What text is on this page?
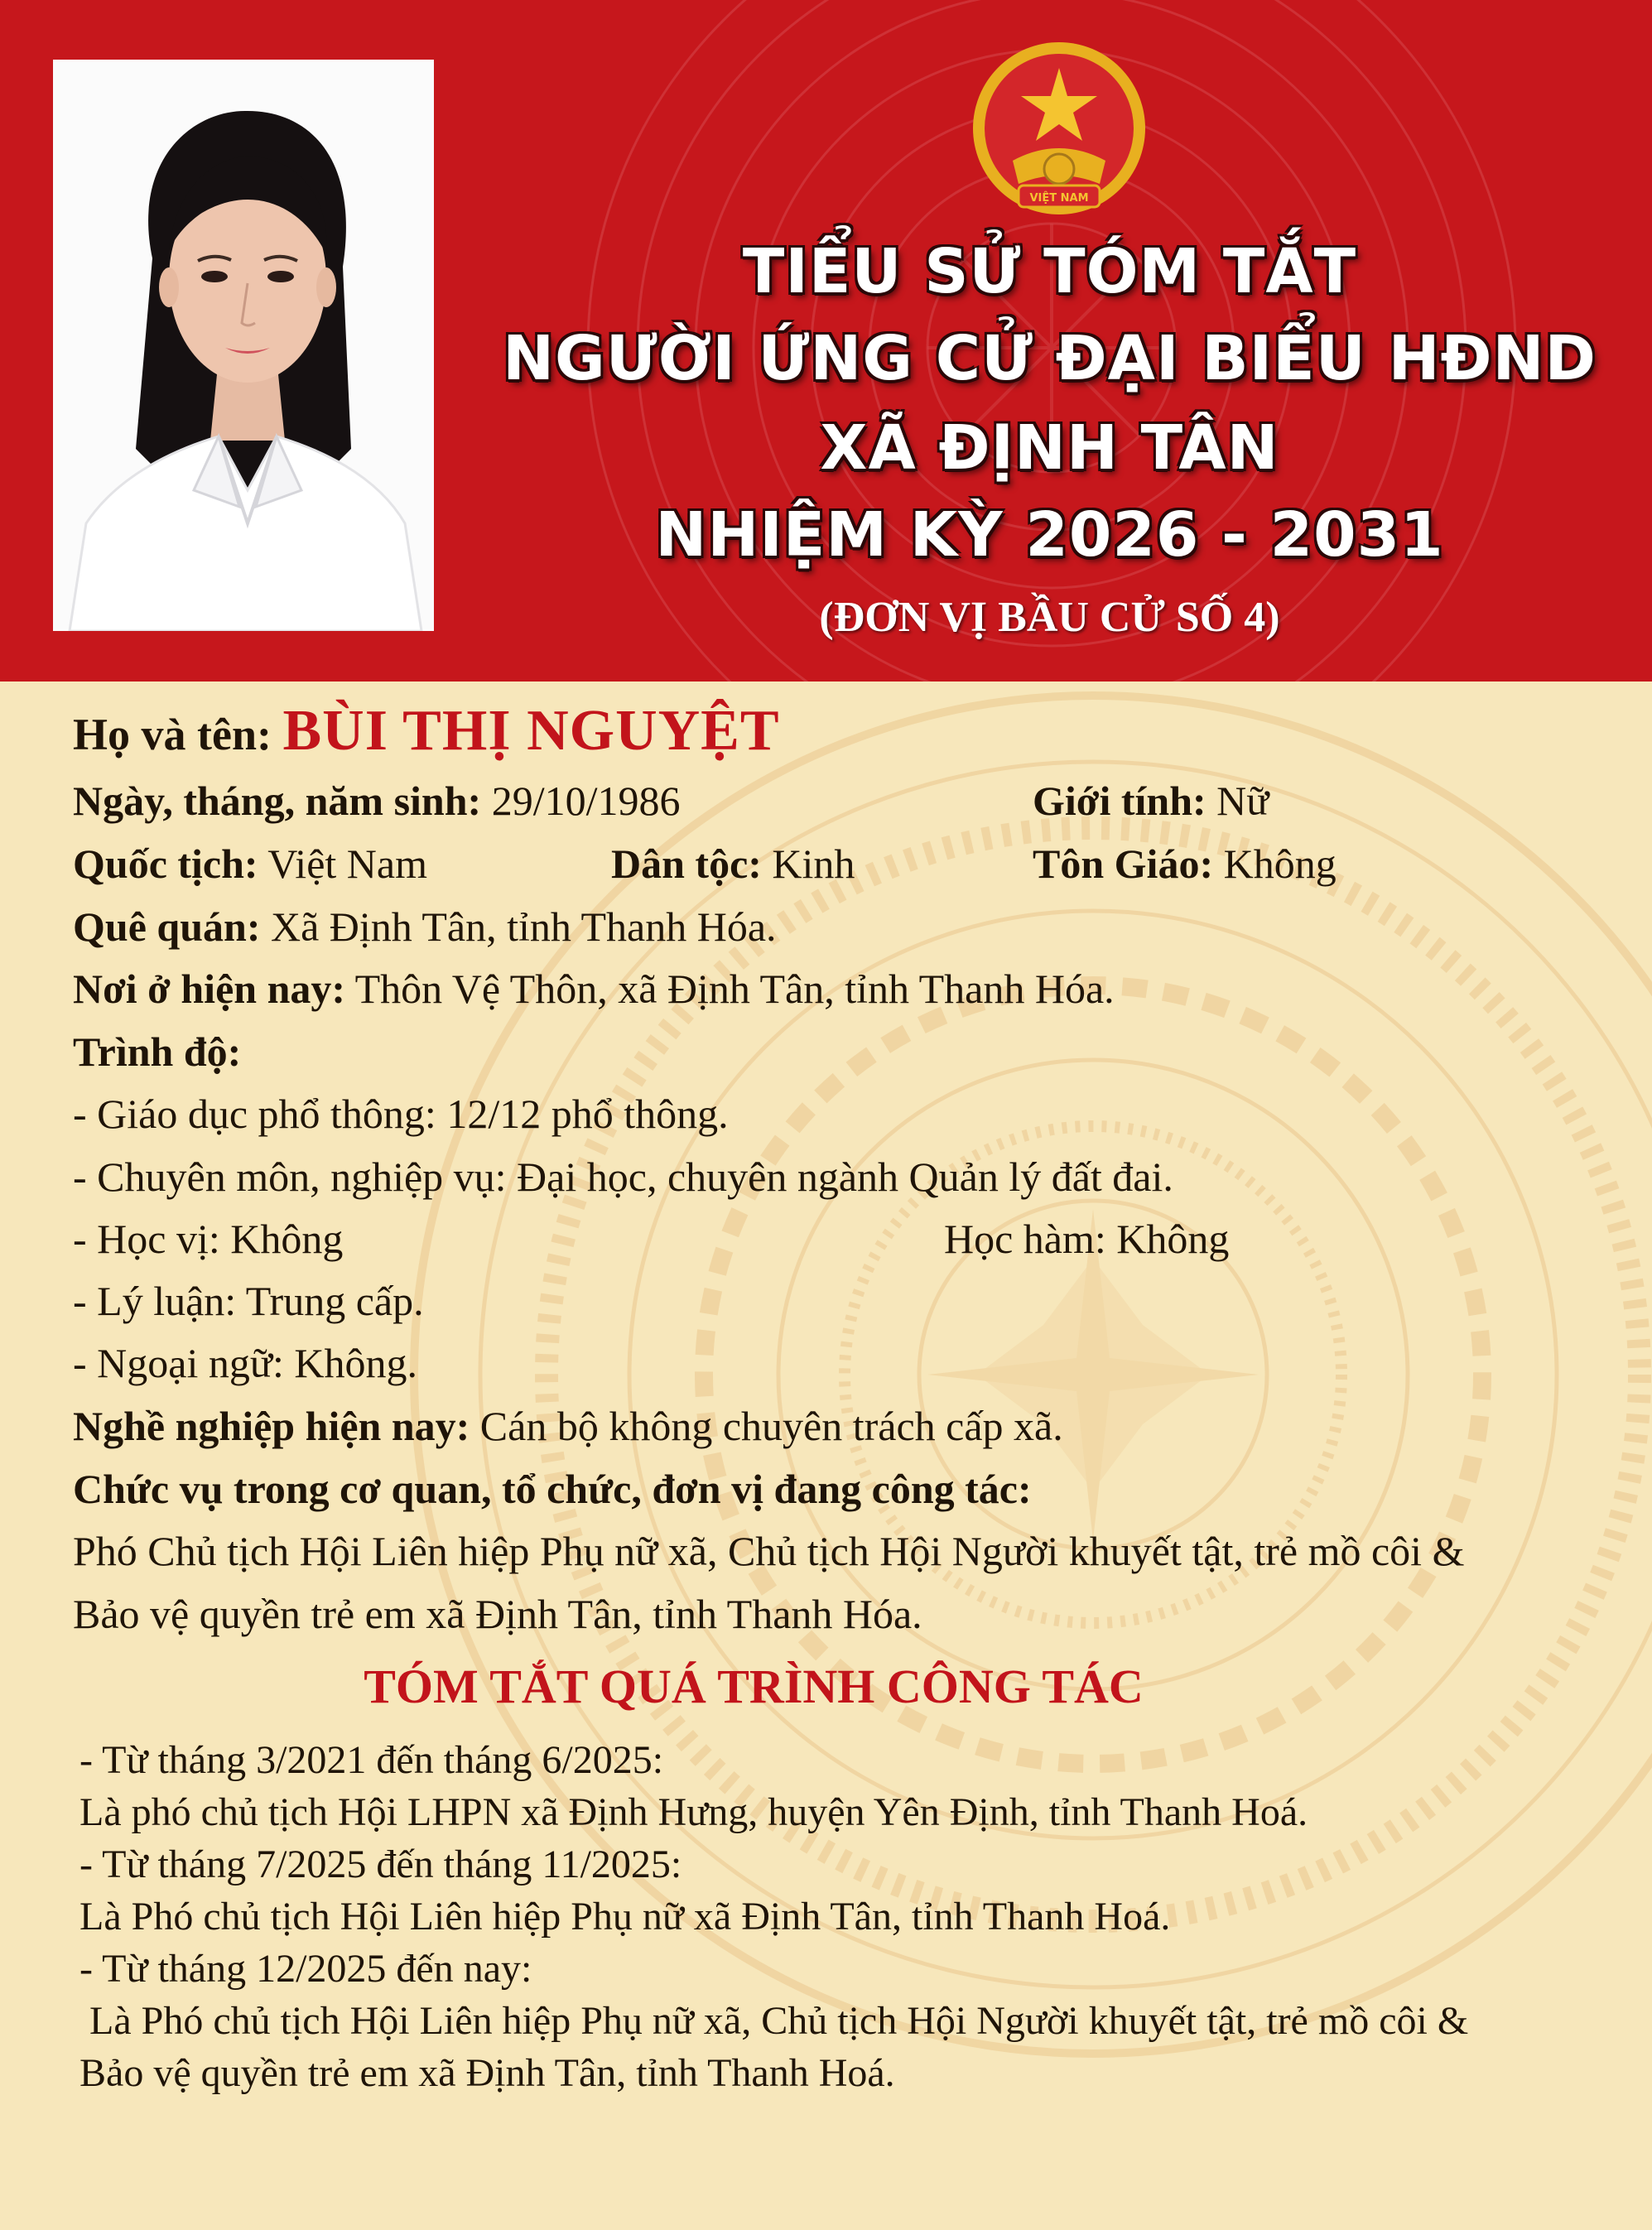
VIỆT NAM
TIỂU SỬ TÓM TẮT
NGƯỜI ỨNG CỬ ĐẠI BIỂU HĐND
XÃ ĐỊNH TÂN
NHIỆM KỲ 2026 - 2031
(ĐƠN VỊ BẦU CỬ SỐ 4)
Họ và tên: BÙI THỊ NGUYỆT
Ngày, tháng, năm sinh: 29/10/1986	Giới tính: Nữ
Quốc tịch: Việt Nam	Dân tộc: Kinh	Tôn Giáo: Không
Quê quán: Xã Định Tân, tỉnh Thanh Hóa.
Nơi ở hiện nay: Thôn Vệ Thôn, xã Định Tân, tỉnh Thanh Hóa.
Trình độ:
- Giáo dục phổ thông: 12/12 phổ thông.
- Chuyên môn, nghiệp vụ: Đại học, chuyên ngành Quản lý đất đai.
- Học vị: Không	Học hàm: Không
- Lý luận: Trung cấp.
- Ngoại ngữ: Không.
Nghề nghiệp hiện nay: Cán bộ không chuyên trách cấp xã.
Chức vụ trong cơ quan, tổ chức, đơn vị đang công tác:
Phó Chủ tịch Hội Liên hiệp Phụ nữ xã, Chủ tịch Hội Người khuyết tật, trẻ mồ côi &
Bảo vệ quyền trẻ em xã Định Tân, tỉnh Thanh Hóa.
TÓM TẮT QUÁ TRÌNH CÔNG TÁC
- Từ tháng 3/2021 đến tháng 6/2025:
Là phó chủ tịch Hội LHPN xã Định Hưng, huyện Yên Định, tỉnh Thanh Hoá.
- Từ tháng 7/2025 đến tháng 11/2025:
Là Phó chủ tịch Hội Liên hiệp Phụ nữ xã Định Tân, tỉnh Thanh Hoá.
- Từ tháng 12/2025 đến nay:
Là Phó chủ tịch Hội Liên hiệp Phụ nữ xã, Chủ tịch Hội Người khuyết tật, trẻ mồ côi &
Bảo vệ quyền trẻ em xã Định Tân, tỉnh Thanh Hoá.
